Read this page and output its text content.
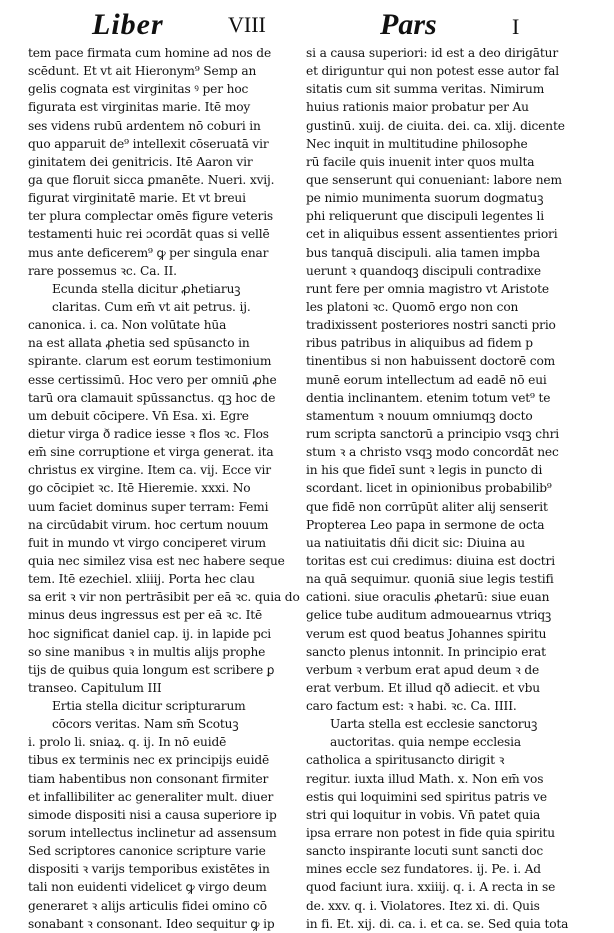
Liber	VIII	Pars	I
tem pace firmata cum homine ad nos de
scēdunt. Et vt ait Hieronym⁹ Semp an
gelis cognata est virginitas ꝰ per hoc
figurata est virginitas marie. Itē moy
ses videns rubū ardentem nō coburi in
quo apparuit de⁹ intellexit cōseruatā vir
ginitatem dei genitricis. Itē Aaron vir
ga que floruit sicca ꝑmanēte. Nueri. xvij.
figurat virginitatē marie. Et vt breui
ter plura complectar omēs figure veteris
testamenti huic rei ɔcordāt quas si vellē
mus ante deficerem⁹ ꝙ per singula enar
rare possemus ꝛc. Ca. II.
Ecunda stella dicitur ꝓhetiaruꝫ
claritas. Cum em̄ vt ait petrus. ij.
canonica. i. ca. Non volūtate hūa
na est allata ꝓhetia sed spūsancto in
spirante. clarum est eorum testimonium
esse certissimū. Hoc vero per omniū ꝓhe
tarū ora clamauit spūssanctus. qꝫ hoc de
um debuit cōcipere. Vn̄ Esa. xi. Egre
dietur virga ð radice iesse ꝛ flos ꝛc. Flos
em̄ sine corruptione et virga generat. ita
christus ex virgine. Item ca. vij. Ecce vir
go cōcipiet ꝛc. Itē Hieremie. xxxi. No
uum faciet dominus super terram: Femi
na circūdabit virum. hoc certum nouum
fuit in mundo vt virgo conciperet virum
quia nec similez visa est nec habere seque
tem. Itē ezechiel. xliiij. Porta hec clau
sa erit ꝛ vir non pertrāsibit per eā ꝛc. quia do
minus deus ingressus est per eā ꝛc. Itē
hoc significat daniel cap. ij. in lapide pci
so sine manibus ꝛ in multis alijs prophe
tijs de quibus quia longum est scribere ꝑ
transeo. Capitulum III
Ertia stella dicitur scripturarum
cōcors veritas. Nam sm̄ Scotuꝫ
i. prolo li. sniaꝝ. q. ij. In nō euidē
tibus ex terminis nec ex principijs euidē
tiam habentibus non consonant firmiter
et infallibiliter ac generaliter mult. diuer
simode dispositi nisi a causa superiore ip
sorum intellectus inclinetur ad assensum
Sed scriptores canonice scripture varie
dispositi ꝛ varijs temporibus existētes in
tali non euidenti videlicet ꝙ virgo deum
generaret ꝛ alijs articulis fidei omino cō
sonabant ꝛ consonant. Ideo sequitur ꝙ ip
si a causa superiori: id est a deo dirigātur
et diriguntur qui non potest esse autor fal
sitatis cum sit summa veritas. Nimirum
huius rationis maior probatur per Au
gustinū. xuij. de ciuita. dei. ca. xlij. dicente
Nec inquit in multitudine philosophe
rū facile quis inuenit inter quos multa
que senserunt qui conueniant: labore nem
pe nimio munimenta suorum dogmatuꝫ
phi reliquerunt que discipuli legentes li
cet in aliquibus essent assentientes priori
bus tanquā discipuli. alia tamen impba
uerunt ꝛ quandoqꝫ discipuli contradixe
runt fere per omnia magistro vt Aristote
les platoni ꝛc. Quomō ergo non con
tradixissent posteriores nostri sancti prio
ribus patribus in aliquibus ad fidem p
tinentibus si non habuissent doctorē com
munē eorum intellectum ad eadē nō eui
dentia inclinantem. etenim totum vet⁹ te
stamentum ꝛ nouum omniumqꝫ docto
rum scripta sanctorū a principio vsqꝫ chri
stum ꝛ a christo vsqꝫ modo concordāt nec
in his que fideī sunt ꝛ legis in puncto di
scordant. licet in opinionibus probabilib⁹
que fidē non corrūpūt aliter alij senserit
Propterea Leo papa in sermone de octa
ua natiuitatis dñi dicit sic: Diuina au
toritas est cui credimus: diuina est doctri
na quā sequimur. quoniā siue legis testifi
cationi. siue oraculis ꝓhetarū: siue euan
gelice tube auditum admouearnus vtriqꝫ
verum est quod beatus Johannes spiritu
sancto plenus intonnit. In principio erat
verbum ꝛ verbum erat apud deum ꝛ de
erat verbum. Et illud qð adiecit. et vbu
caro factum est: ꝛ habi. ꝛc. Ca. IIII.
Uarta stella est ecclesie sanctoruꝫ
auctoritas. quia nempe ecclesia
catholica a spiritusancto dirigit ꝛ
regitur. iuxta illud Math. x. Non em̄ vos
estis qui loquimini sed spiritus patris ve
stri qui loquitur in vobis. Vn̄ patet quia
ipsa errare non potest in fide quia spiritu
sancto inspirante locuti sunt sancti doc
mines eccle sez fundatores. ij. Pe. i. Ad
quod faciunt iura. xxiiij. q. i. A recta in se
de. xxv. q. i. Violatores. Itez xi. di. Quis
in fi. Et. xij. di. ca. i. et ca. se. Sed quia tota
